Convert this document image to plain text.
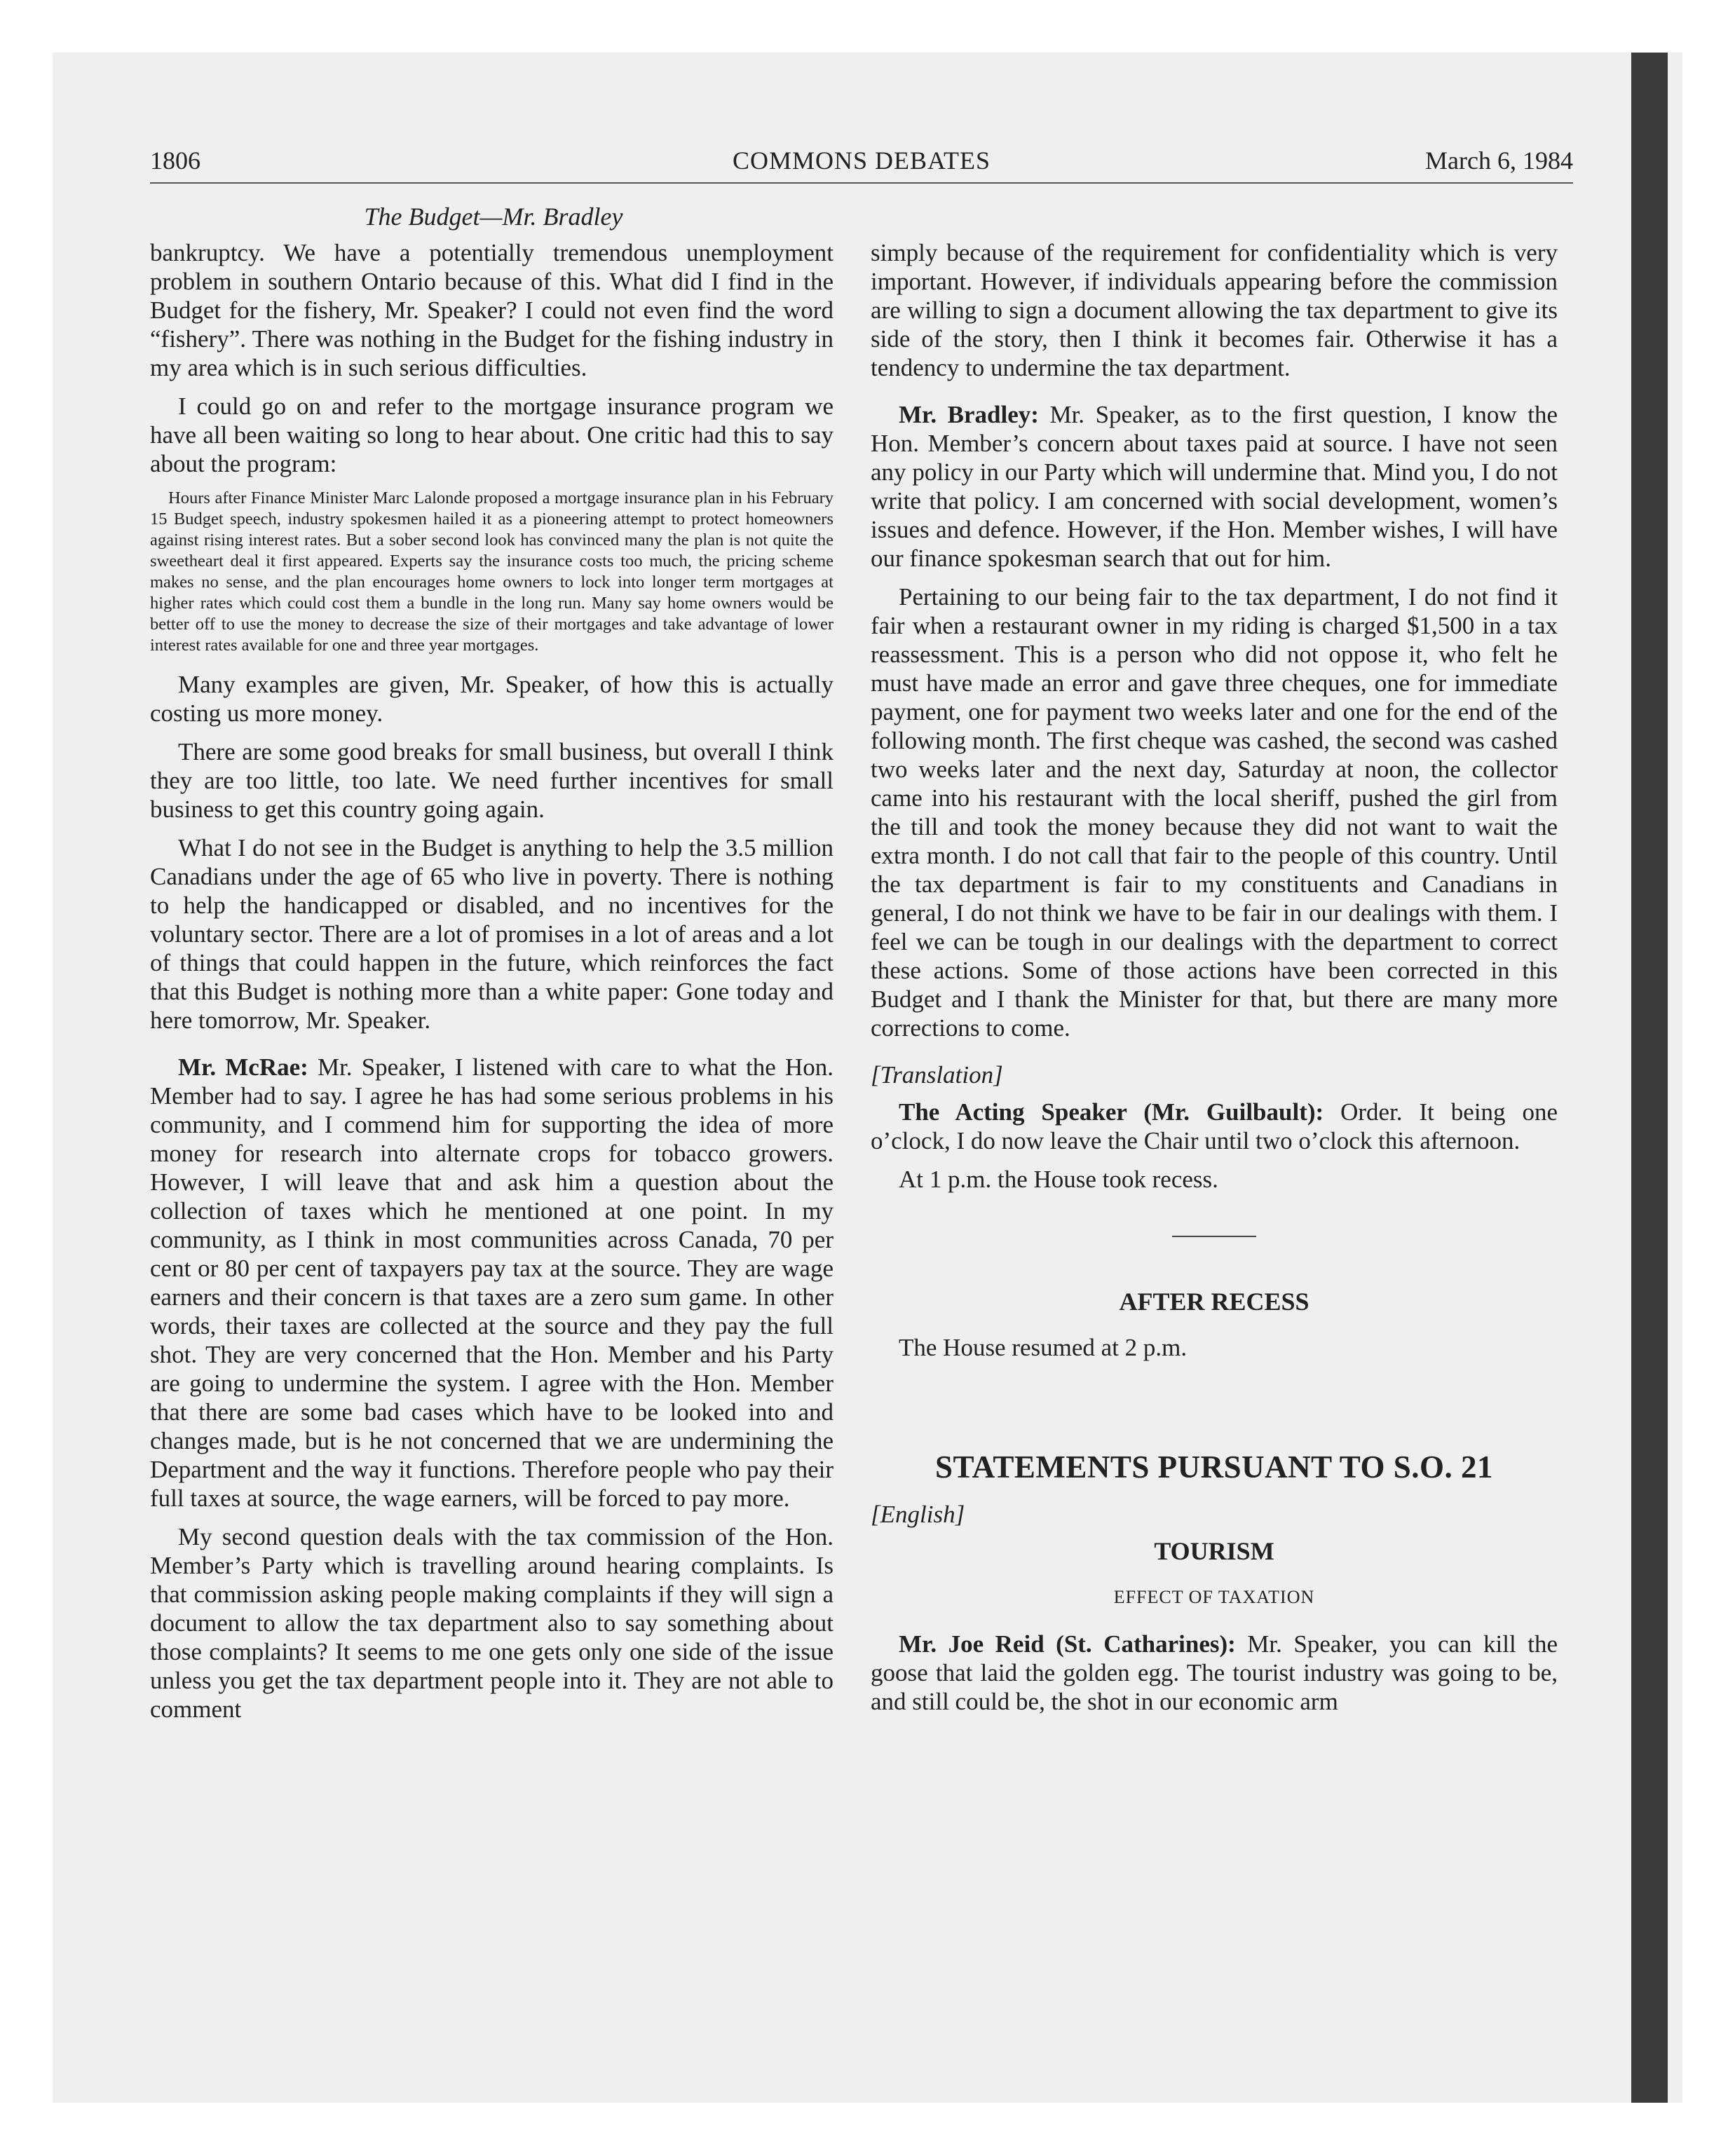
1806	COMMONS DEBATES	March 6, 1984
The Budget—Mr. Bradley

bankruptcy. We have a potentially tremendous unemployment problem in southern Ontario because of this. What did I find in the Budget for the fishery, Mr. Speaker? I could not even find the word “fishery”. There was nothing in the Budget for the fishing industry in my area which is in such serious difficulties.

I could go on and refer to the mortgage insurance program we have all been waiting so long to hear about. One critic had this to say about the program:

Hours after Finance Minister Marc Lalonde proposed a mortgage insurance plan in his February 15 Budget speech, industry spokesmen hailed it as a pioneering attempt to protect homeowners against rising interest rates. But a sober second look has convinced many the plan is not quite the sweetheart deal it first appeared. Experts say the insurance costs too much, the pricing scheme makes no sense, and the plan encourages home owners to lock into longer term mortgages at higher rates which could cost them a bundle in the long run. Many say home owners would be better off to use the money to decrease the size of their mortgages and take advantage of lower interest rates available for one and three year mortgages.

Many examples are given, Mr. Speaker, of how this is actually costing us more money.

There are some good breaks for small business, but overall I think they are too little, too late. We need further incentives for small business to get this country going again.

What I do not see in the Budget is anything to help the 3.5 million Canadians under the age of 65 who live in poverty. There is nothing to help the handicapped or disabled, and no incentives for the voluntary sector. There are a lot of promises in a lot of areas and a lot of things that could happen in the future, which reinforces the fact that this Budget is nothing more than a white paper: Gone today and here tomorrow, Mr. Speaker.

Mr. McRae: Mr. Speaker, I listened with care to what the Hon. Member had to say. I agree he has had some serious problems in his community, and I commend him for supporting the idea of more money for research into alternate crops for tobacco growers. However, I will leave that and ask him a question about the collection of taxes which he mentioned at one point. In my community, as I think in most communities across Canada, 70 per cent or 80 per cent of taxpayers pay tax at the source. They are wage earners and their concern is that taxes are a zero sum game. In other words, their taxes are collected at the source and they pay the full shot. They are very concerned that the Hon. Member and his Party are going to undermine the system. I agree with the Hon. Member that there are some bad cases which have to be looked into and changes made, but is he not concerned that we are undermining the Department and the way it functions. Therefore people who pay their full taxes at source, the wage earners, will be forced to pay more.

My second question deals with the tax commission of the Hon. Member’s Party which is travelling around hearing complaints. Is that commission asking people making complaints if they will sign a document to allow the tax department also to say something about those complaints? It seems to me one gets only one side of the issue unless you get the tax department people into it. They are not able to comment

simply because of the requirement for confidentiality which is very important. However, if individuals appearing before the commission are willing to sign a document allowing the tax department to give its side of the story, then I think it becomes fair. Otherwise it has a tendency to undermine the tax department.

Mr. Bradley: Mr. Speaker, as to the first question, I know the Hon. Member’s concern about taxes paid at source. I have not seen any policy in our Party which will undermine that. Mind you, I do not write that policy. I am concerned with social development, women’s issues and defence. However, if the Hon. Member wishes, I will have our finance spokesman search that out for him.

Pertaining to our being fair to the tax department, I do not find it fair when a restaurant owner in my riding is charged $1,500 in a tax reassessment. This is a person who did not oppose it, who felt he must have made an error and gave three cheques, one for immediate payment, one for payment two weeks later and one for the end of the following month. The first cheque was cashed, the second was cashed two weeks later and the next day, Saturday at noon, the collector came into his restaurant with the local sheriff, pushed the girl from the till and took the money because they did not want to wait the extra month. I do not call that fair to the people of this country. Until the tax department is fair to my constituents and Canadians in general, I do not think we have to be fair in our dealings with them. I feel we can be tough in our dealings with the department to correct these actions. Some of those actions have been corrected in this Budget and I thank the Minister for that, but there are many more corrections to come.

[Translation]

The Acting Speaker (Mr. Guilbault): Order. It being one o’clock, I do now leave the Chair until two o’clock this afternoon.

At 1 p.m. the House took recess.

AFTER RECESS

The House resumed at 2 p.m.

STATEMENTS PURSUANT TO S.O. 21

[English]

TOURISM
EFFECT OF TAXATION

Mr. Joe Reid (St. Catharines): Mr. Speaker, you can kill the goose that laid the golden egg. The tourist industry was going to be, and still could be, the shot in our economic arm
